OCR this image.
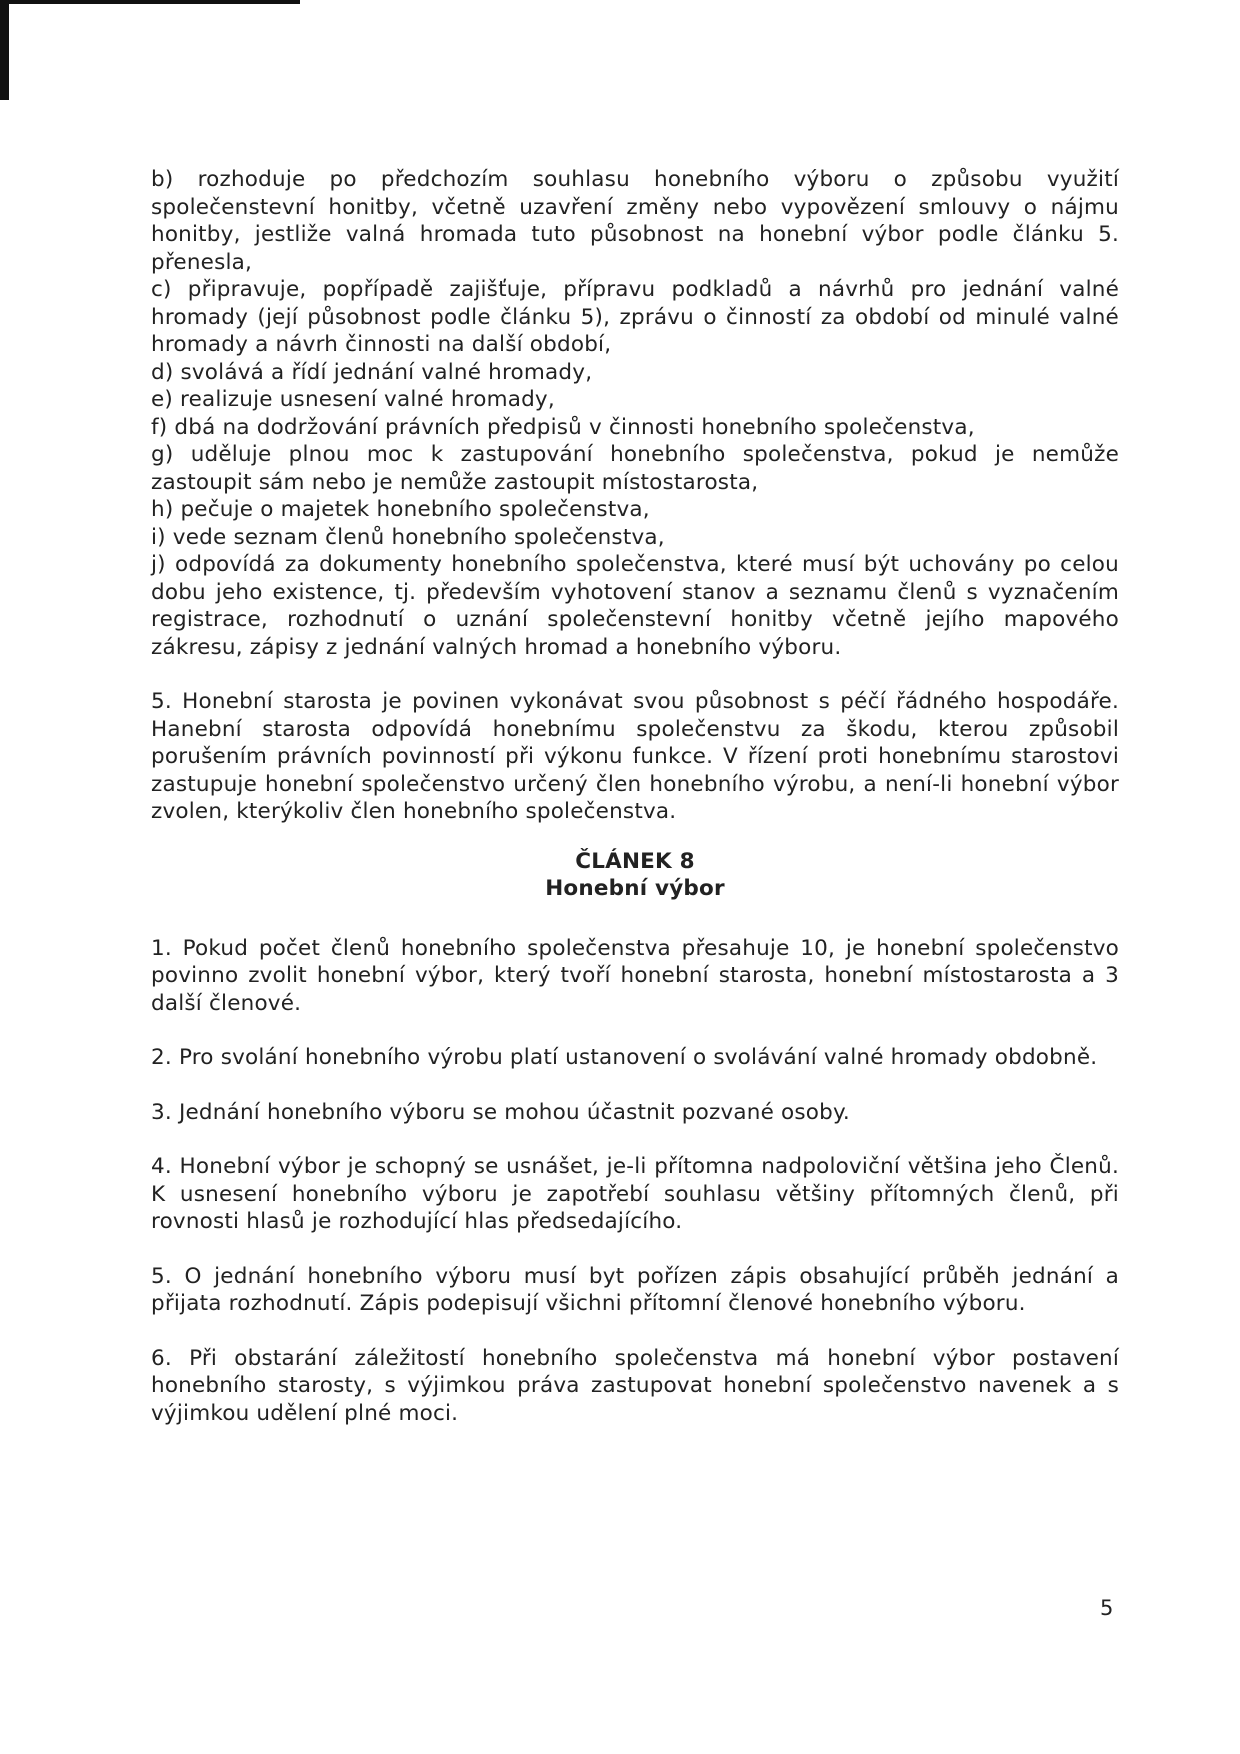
b) rozhoduje po předchozím souhlasu honebního výboru o způsobu využití společenstevní honitby, včetně uzavření změny nebo vypovězení smlouvy o nájmu honitby, jestliže valná hromada tuto působnost na honební výbor podle článku 5. přenesla,

c) připravuje, popřípadě zajišťuje, přípravu podkladů a návrhů pro jednání valné hromady (její působnost podle článku 5), zprávu o činností za období od minulé valné hromady a návrh činnosti na další období,

d) svolává a řídí jednání valné hromady,

e) realizuje usnesení valné hromady,

f) dbá na dodržování právních předpisů v činnosti honebního společenstva,

g) uděluje plnou moc k zastupování honebního společenstva, pokud je nemůže zastoupit sám nebo je nemůže zastoupit místostarosta,

h) pečuje o majetek honebního společenstva,

i) vede seznam členů honebního společenstva,

j) odpovídá za dokumenty honebního společenstva, které musí být uchovány po celou dobu jeho existence, tj. především vyhotovení stanov a seznamu členů s vyznačením registrace, rozhodnutí o uznání společenstevní honitby včetně jejího mapového zákresu, zápisy z jednání valných hromad a honebního výboru.

5. Honební starosta je povinen vykonávat svou působnost s péčí řádného hospodáře. Hanební starosta odpovídá honebnímu společenstvu za škodu, kterou způsobil porušením právních povinností při výkonu funkce. V řízení proti honebnímu starostovi zastupuje honební společenstvo určený člen honebního výrobu, a není-li honební výbor zvolen, kterýkoliv člen honebního společenstva.

ČLÁNEK 8
Honební výbor

1. Pokud počet členů honebního společenstva přesahuje 10, je honební společenstvo povinno zvolit honební výbor, který tvoří honební starosta, honební místostarosta a 3 další členové.

2. Pro svolání honebního výrobu platí ustanovení o svolávání valné hromady obdobně.

3. Jednání honebního výboru se mohou účastnit pozvané osoby.

4. Honební výbor je schopný se usnášet, je-li přítomna nadpoloviční většina jeho Členů. K usnesení honebního výboru je zapotřebí souhlasu většiny přítomných členů, při rovnosti hlasů je rozhodující hlas předsedajícího.

5. O jednání honebního výboru musí byt pořízen zápis obsahující průběh jednání a přijata rozhodnutí. Zápis podepisují všichni přítomní členové honebního výboru.

6. Při obstarání záležitostí honebního společenstva má honební výbor postavení honebního starosty, s výjimkou práva zastupovat honební společenstvo navenek a s výjimkou udělení plné moci.

5
